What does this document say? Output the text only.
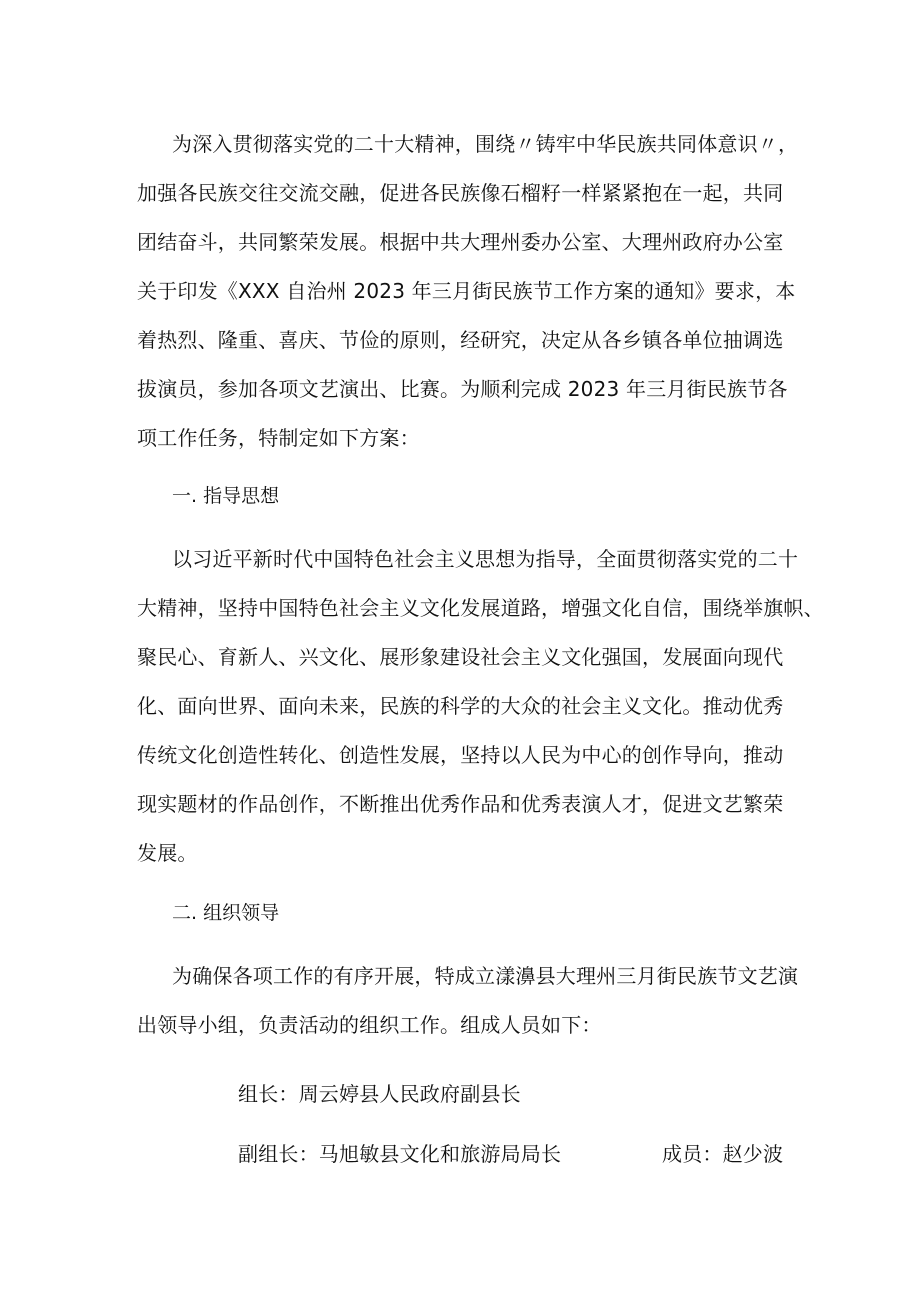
为深入贯彻落实党的二十大精神，围绕〃铸牢中华民族共同体意识〃，
加强各民族交往交流交融，促进各民族像石榴籽一样紧紧抱在一起，共同
团结奋斗，共同繁荣发展。根据中共大理州委办公室、大理州政府办公室
关于印发《XXX 自治州 2023 年三月街民族节工作方案的通知》要求，本
着热烈、隆重、喜庆、节俭的原则，经研究，决定从各乡镇各单位抽调选
拔演员，参加各项文艺演出、比赛。为顺利完成 2023 年三月街民族节各
项工作任务，特制定如下方案：
一. 指导思想
以习近平新时代中国特色社会主义思想为指导，全面贯彻落实党的二十
大精神，坚持中国特色社会主义文化发展道路，增强文化自信，围绕举旗帜、
聚民心、育新人、兴文化、展形象建设社会主义文化强国，发展面向现代
化、面向世界、面向未来，民族的科学的大众的社会主义文化。推动优秀
传统文化创造性转化、创造性发展，坚持以人民为中心的创作导向，推动
现实题材的作品创作，不断推出优秀作品和优秀表演人才，促进文艺繁荣
发展。
二. 组织领导
为确保各项工作的有序开展，特成立漾濞县大理州三月街民族节文艺演
出领导小组，负责活动的组织工作。组成人员如下：
组长：周云婷县人民政府副县长
副组长：马旭敏县文化和旅游局局长	成员：赵少波
